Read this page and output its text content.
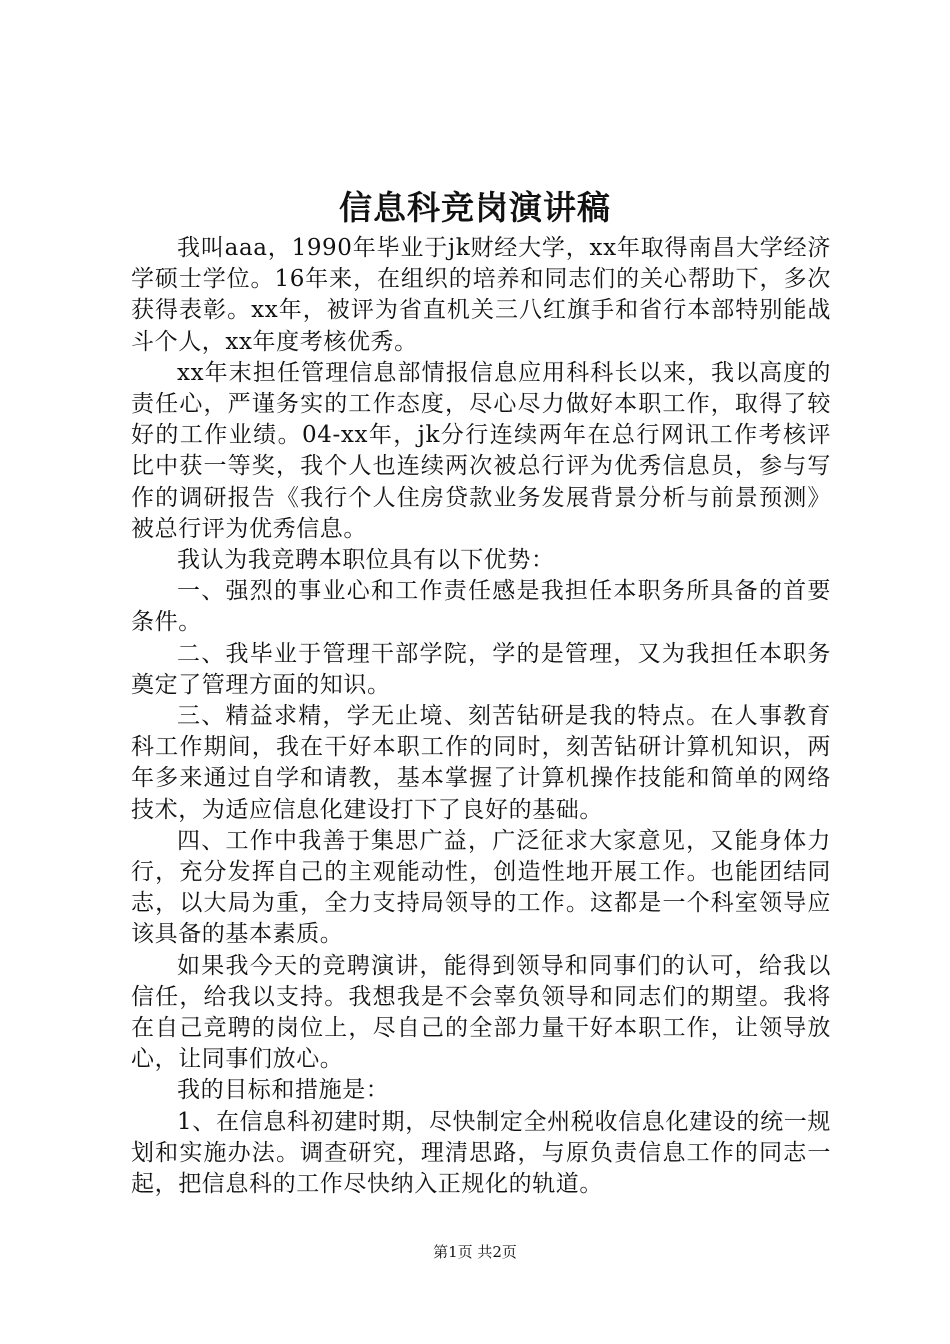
信息科竞岗演讲稿

我叫aaa，1990年毕业于jk财经大学，xx年取得南昌大学经济学硕士学位。16年来，在组织的培养和同志们的关心帮助下，多次获得表彰。xx年，被评为省直机关三八红旗手和省行本部特别能战斗个人，xx年度考核优秀。

xx年末担任管理信息部情报信息应用科科长以来，我以高度的责任心，严谨务实的工作态度，尽心尽力做好本职工作，取得了较好的工作业绩。04-xx年，jk分行连续两年在总行网讯工作考核评比中获一等奖，我个人也连续两次被总行评为优秀信息员，参与写作的调研报告《我行个人住房贷款业务发展背景分析与前景预测》被总行评为优秀信息。

我认为我竞聘本职位具有以下优势：

一、强烈的事业心和工作责任感是我担任本职务所具备的首要条件。

二、我毕业于管理干部学院，学的是管理，又为我担任本职务奠定了管理方面的知识。

三、精益求精，学无止境、刻苦钻研是我的特点。在人事教育科工作期间，我在干好本职工作的同时，刻苦钻研计算机知识，两年多来通过自学和请教，基本掌握了计算机操作技能和简单的网络技术，为适应信息化建设打下了良好的基础。

四、工作中我善于集思广益，广泛征求大家意见，又能身体力行，充分发挥自己的主观能动性，创造性地开展工作。也能团结同志，以大局为重，全力支持局领导的工作。这都是一个科室领导应该具备的基本素质。

如果我今天的竞聘演讲，能得到领导和同事们的认可，给我以信任，给我以支持。我想我是不会辜负领导和同志们的期望。我将在自己竞聘的岗位上，尽自己的全部力量干好本职工作，让领导放心，让同事们放心。

我的目标和措施是：

1、在信息科初建时期，尽快制定全州税收信息化建设的统一规划和实施办法。调查研究，理清思路，与原负责信息工作的同志一起，把信息科的工作尽快纳入正规化的轨道。

第1页 共2页
